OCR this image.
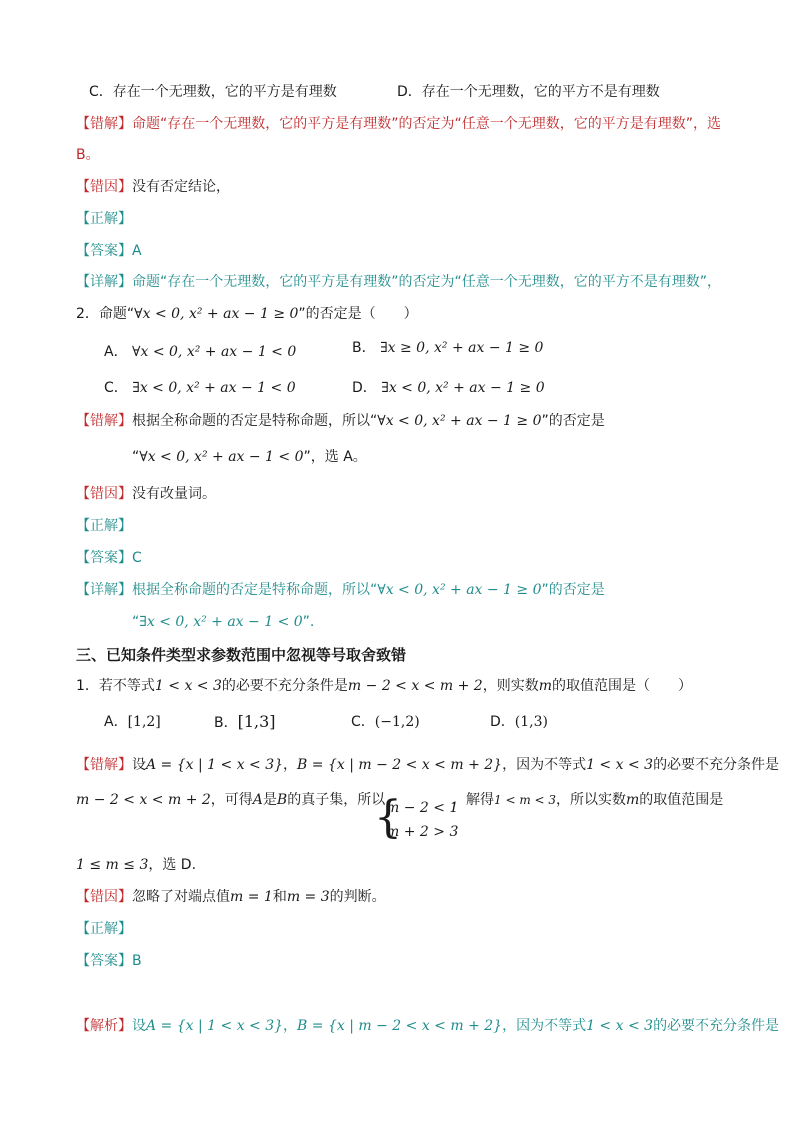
C．存在一个无理数，它的平方是有理数	D．存在一个无理数，它的平方不是有理数
【错解】命题“存在一个无理数，它的平方是有理数”的否定为“任意一个无理数，它的平方是有理数”，选
B。
【错因】没有否定结论，
【正解】
【答案】A
【详解】命题“存在一个无理数，它的平方是有理数”的否定为“任意一个无理数，它的平方不是有理数”，
2．命题“∀x < 0, x² + ax − 1 ≥ 0”的否定是（　　）
A． ∀x < 0, x² + ax − 1 < 0	B． ∃x ≥ 0, x² + ax − 1 ≥ 0
C． ∃x < 0, x² + ax − 1 < 0	D． ∃x < 0, x² + ax − 1 ≥ 0
【错解】根据全称命题的否定是特称命题，所以“∀x < 0, x² + ax − 1 ≥ 0”的否定是
“∀x < 0, x² + ax − 1 < 0”，选 A。
【错因】没有改量词。
【正解】
【答案】C
【详解】根据全称命题的否定是特称命题，所以“∀x < 0, x² + ax − 1 ≥ 0”的否定是
“∃x < 0, x² + ax − 1 < 0”.
三、已知条件类型求参数范围中忽视等号取舍致错
1．若不等式1 < x < 3的必要不充分条件是m − 2 < x < m + 2，则实数m的取值范围是（　　）
A．[1,2]	B．[1,3]	C．(−1,2)	D．(1,3)
【错解】设A = {x | 1 < x < 3}，B = {x | m − 2 < x < m + 2}，因为不等式1 < x < 3的必要不充分条件是
m − 2 < x < m + 2，可得A是B的真子集，所以
{
m − 2 < 1
m + 2 > 3
，解得1 < m < 3，所以实数m的取值范围是
1 ≤ m ≤ 3，选 D.
【错因】忽略了对端点值m = 1和m = 3的判断。
【正解】
【答案】B
【解析】设A = {x | 1 < x < 3}，B = {x | m − 2 < x < m + 2}，因为不等式1 < x < 3的必要不充分条件是
